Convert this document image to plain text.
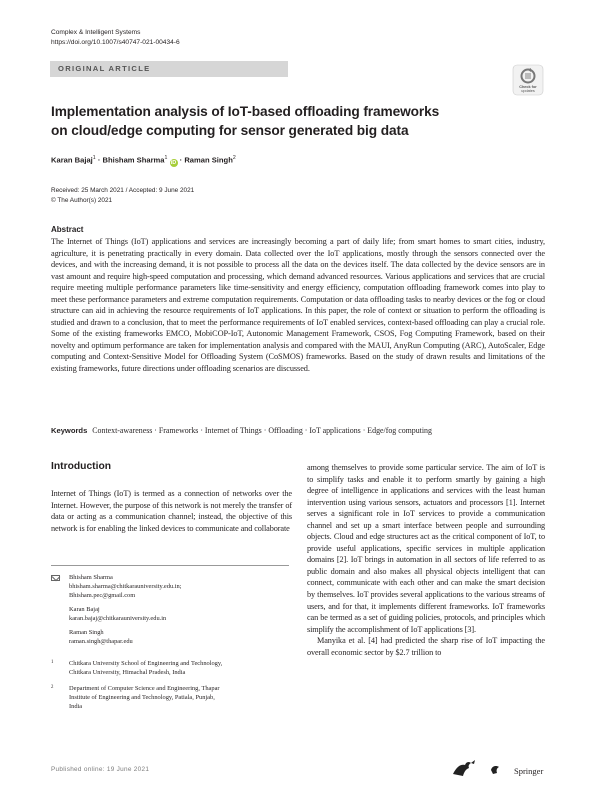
Complex & Intelligent Systems
https://doi.org/10.1007/s40747-021-00434-6
ORIGINAL ARTICLE
Check for
updates
Implementation analysis of IoT-based offloading frameworks
on cloud/edge computing for sensor generated big data
Karan Bajaj$^1$ · Bhisham Sharma$^1$ iD · Raman Singh$^2$
Received: 25 March 2021 / Accepted: 9 June 2021
© The Author(s) 2021
Abstract
The Internet of Things (IoT) applications and services are increasingly becoming a part of daily life; from smart homes to smart cities, industry, agriculture, it is penetrating practically in every domain. Data collected over the IoT applications, mostly through the sensors connected over the devices, and with the increasing demand, it is not possible to process all the data on the devices itself. The data collected by the device sensors are in vast amount and require high-speed computation and processing, which demand advanced resources. Various applications and services that are crucial require meeting multiple performance parameters like time-sensitivity and energy efficiency, computation offloading framework comes into play to meet these performance parameters and extreme computation requirements. Computation or data offloading tasks to nearby devices or the fog or cloud structure can aid in achieving the resource requirements of IoT applications. In this paper, the role of context or situation to perform the offloading is studied and drawn to a conclusion, that to meet the performance requirements of IoT enabled services, context-based offloading can play a crucial role. Some of the existing frameworks EMCO, MobiCOP-IoT, Autonomic Management Framework, CSOS, Fog Computing Framework, based on their novelty and optimum performance are taken for implementation analysis and compared with the MAUI, AnyRun Computing (ARC), AutoScaler, Edge computing and Context-Sensitive Model for Offloading System (CoSMOS) frameworks. Based on the study of drawn results and limitations of the existing frameworks, future directions under offloading scenarios are discussed.
Keywords Context-awareness · Frameworks · Internet of Things · Offloading · IoT applications · Edge/fog computing
Introduction
Internet of Things (IoT) is termed as a connection of networks over the Internet. However, the purpose of this network is not merely the transfer of data or acting as a communication channel; instead, the objective of this network is for enabling the linked devices to communicate and collaborate
among themselves to provide some particular service. The aim of IoT is to simplify tasks and enable it to perform smartly by gaining a high degree of intelligence in applications and services with the least human intervention using various sensors, actuators and processors [1]. Internet serves a significant role in IoT services to provide a communication channel and set up a smart interface between people and surrounding objects. Cloud and edge structures act as the critical component of IoT, to provide useful applications, specific services in multiple application domains [2]. IoT brings in automation in all sectors of life referred to as public domain and also makes all physical objects intelligent that can connect, communicate with each other and can make the smart decision by themselves. IoT provides several applications to the various streams of users, and for that, it implements different frameworks. IoT frameworks can be termed as a set of guiding policies, protocols, and principles which simplify the accomplishment of IoT applications [3].
Manyika et al. [4] had predicted the sharp rise of IoT impacting the overall economic sector by $2.7 trillion to
Bhisham Sharma
bhisham.sharma@chitkarauniversity.edu.in;
Bhisham.pec@gmail.com
Karan Bajaj
karan.bajaj@chitkarauniversity.edu.in
Raman Singh
raman.singh@thapar.edu
1 Chitkara University School of Engineering and Technology,
Chitkara University, Himachal Pradesh, India
2 Department of Computer Science and Engineering, Thapar
Institute of Engineering and Technology, Patiala, Punjab,
India
Published online: 19 June 2021	Springer
